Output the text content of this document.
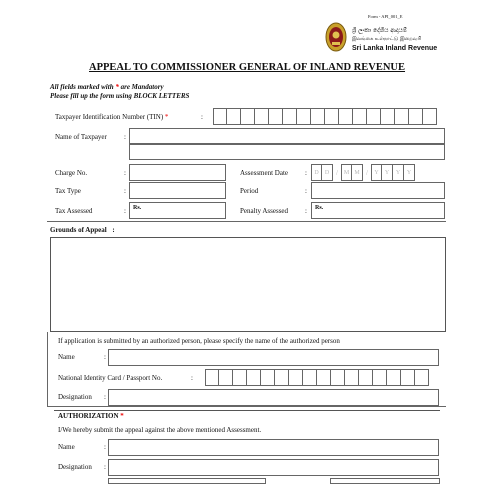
Form - API_001_E
ශ්‍රී ලංකා දේශීය ආදායම්
இலங்கை உள்நாட்டு இறைவரி
Sri Lanka Inland Revenue
APPEAL TO COMMISSIONER GENERAL OF INLAND REVENUE
All fields marked with * are Mandatory
Please fill up the form using BLOCK LETTERS
Taxpayer Identification Number (TIN) *	:
Name of Taxpayer :
Charge No.	:	Assessment Date :	D	D / M M /	Y	Y	Y	Y
Tax Type	:	Period	:
Tax Assessed	: Rs.	Penalty Assessed : Rs.
Grounds of Appeal :
If application is submitted by an authorized person, please specify the name of the authorized person
Name	:
National Identity Card / Passport No.	:
Designation :
AUTHORIZATION *
I/We hereby submit the appeal against the above mentioned Assessment.
Name	:
Designation :
